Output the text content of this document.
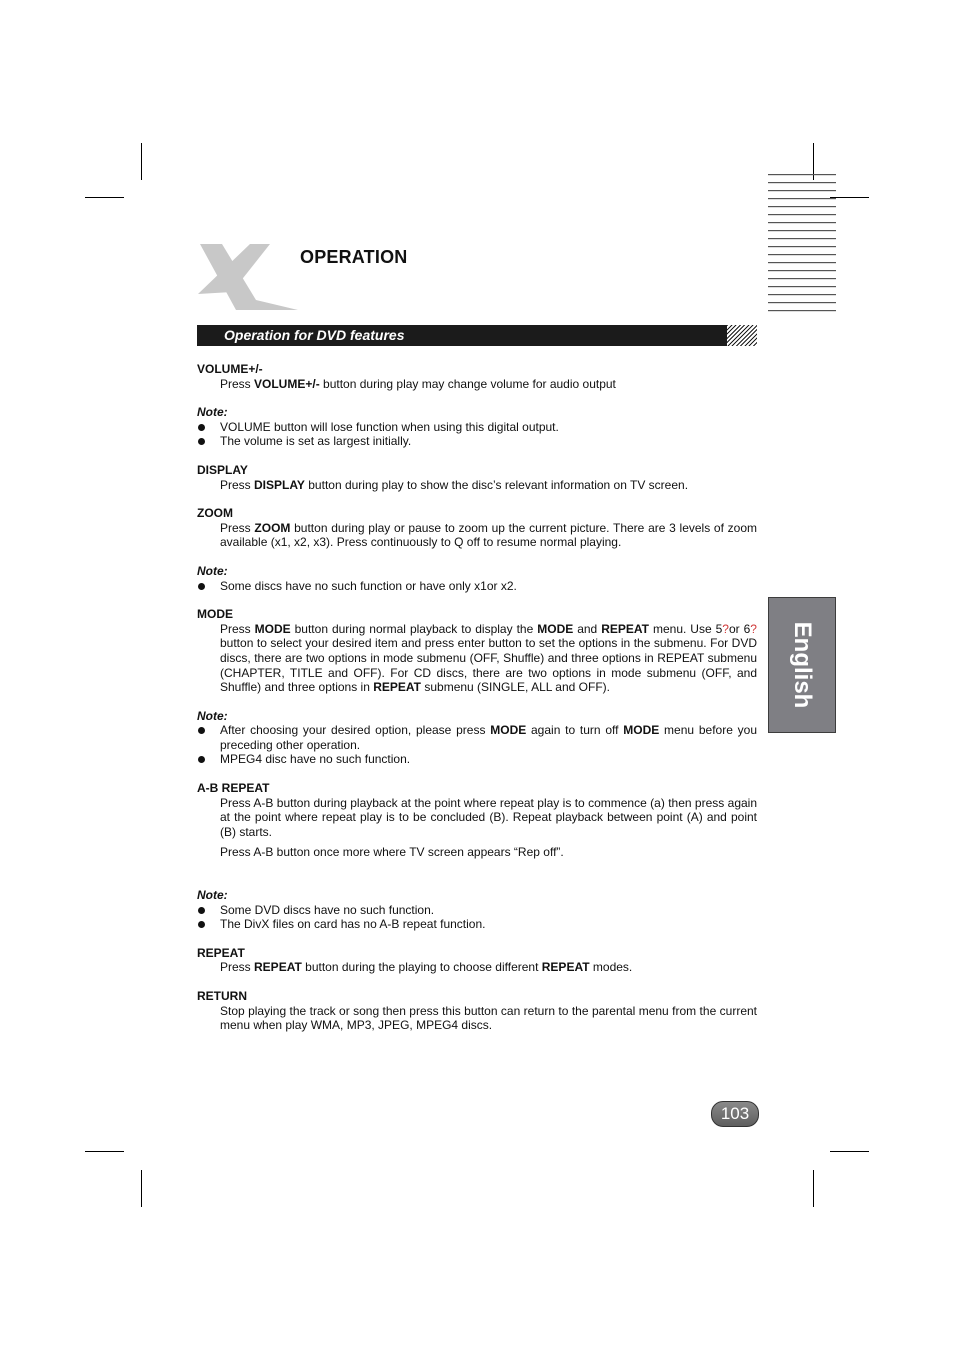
OPERATION
Operation for DVD features

VOLUME+/-

Press VOLUME+/- button during play may change volume for audio output

Note:

VOLUME button will lose function when using this digital output.
The volume is set as largest initially.

DISPLAY

Press DISPLAY button during play to show the disc’s relevant information on TV screen.

ZOOM

Press ZOOM button during play or pause to zoom up the current picture. There are 3 levels of zoom available (x1, x2, x3). Press continuously to Q off to resume normal playing.

Note:

Some discs have no such function or have only x1or x2.

MODE

Press MODE button during normal playback to display the MODE and REPEAT menu. Use 5?or 6?button to select your desired item and press enter button to set the options in the submenu. For DVD discs, there are two options in mode submenu (OFF, Shuffle) and three options in REPEAT submenu (CHAPTER, TITLE and OFF). For CD discs, there are two options in mode submenu (OFF, and Shuffle) and three options in REPEAT submenu (SINGLE, ALL and OFF).

Note:

After choosing your desired option, please press MODE again to turn off MODE menu before you preceding other operation.
MPEG4 disc have no such function.

A-B REPEAT

Press A-B button during playback at the point where repeat play is to commence (a) then press again at the point where repeat play is to be concluded (B). Repeat playback between point (A) and point (B) starts.

Press A-B button once more where TV screen appears “Rep off”.

Note:

Some DVD discs have no such function.
The DivX files on card has no A-B repeat function.

REPEAT

Press REPEAT button during the playing to choose different REPEAT modes.

RETURN

Stop playing the track or song then press this button can return to the parental menu from the current menu when play WMA, MP3, JPEG, MPEG4 discs.

English
103
